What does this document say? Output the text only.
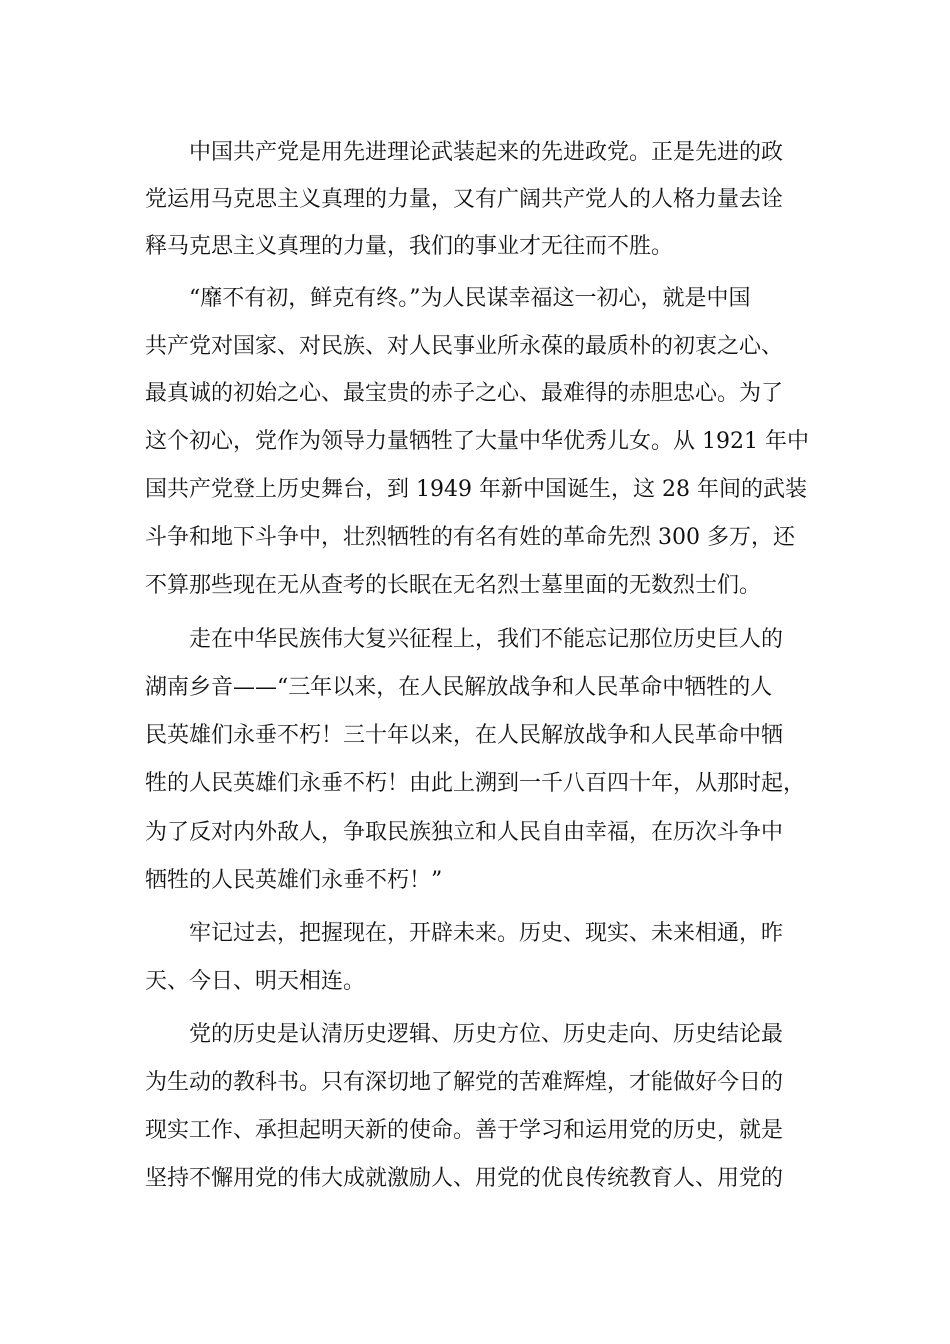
中国共产党是用先进理论武装起来的先进政党。正是先进的政
党运用马克思主义真理的力量，又有广阔共产党人的人格力量去诠
释马克思主义真理的力量，我们的事业才无往而不胜。
“靡不有初，鲜克有终。”为人民谋幸福这一初心，就是中国
共产党对国家、对民族、对人民事业所永葆的最质朴的初衷之心、
最真诚的初始之心、最宝贵的赤子之心、最难得的赤胆忠心。为了
这个初心，党作为领导力量牺牲了大量中华优秀儿女。从 1921 年中
国共产党登上历史舞台，到 1949 年新中国诞生，这 28 年间的武装
斗争和地下斗争中，壮烈牺牲的有名有姓的革命先烈 300 多万，还
不算那些现在无从查考的长眠在无名烈士墓里面的无数烈士们。
走在中华民族伟大复兴征程上，我们不能忘记那位历史巨人的
湖南乡音——“三年以来，在人民解放战争和人民革命中牺牲的人
民英雄们永垂不朽！三十年以来，在人民解放战争和人民革命中牺
牲的人民英雄们永垂不朽！由此上溯到一千八百四十年，从那时起，
为了反对内外敌人，争取民族独立和人民自由幸福，在历次斗争中
牺牲的人民英雄们永垂不朽！”
牢记过去，把握现在，开辟未来。历史、现实、未来相通，昨
天、今日、明天相连。
党的历史是认清历史逻辑、历史方位、历史走向、历史结论最
为生动的教科书。只有深切地了解党的苦难辉煌，才能做好今日的
现实工作、承担起明天新的使命。善于学习和运用党的历史，就是
坚持不懈用党的伟大成就激励人、用党的优良传统教育人、用党的
